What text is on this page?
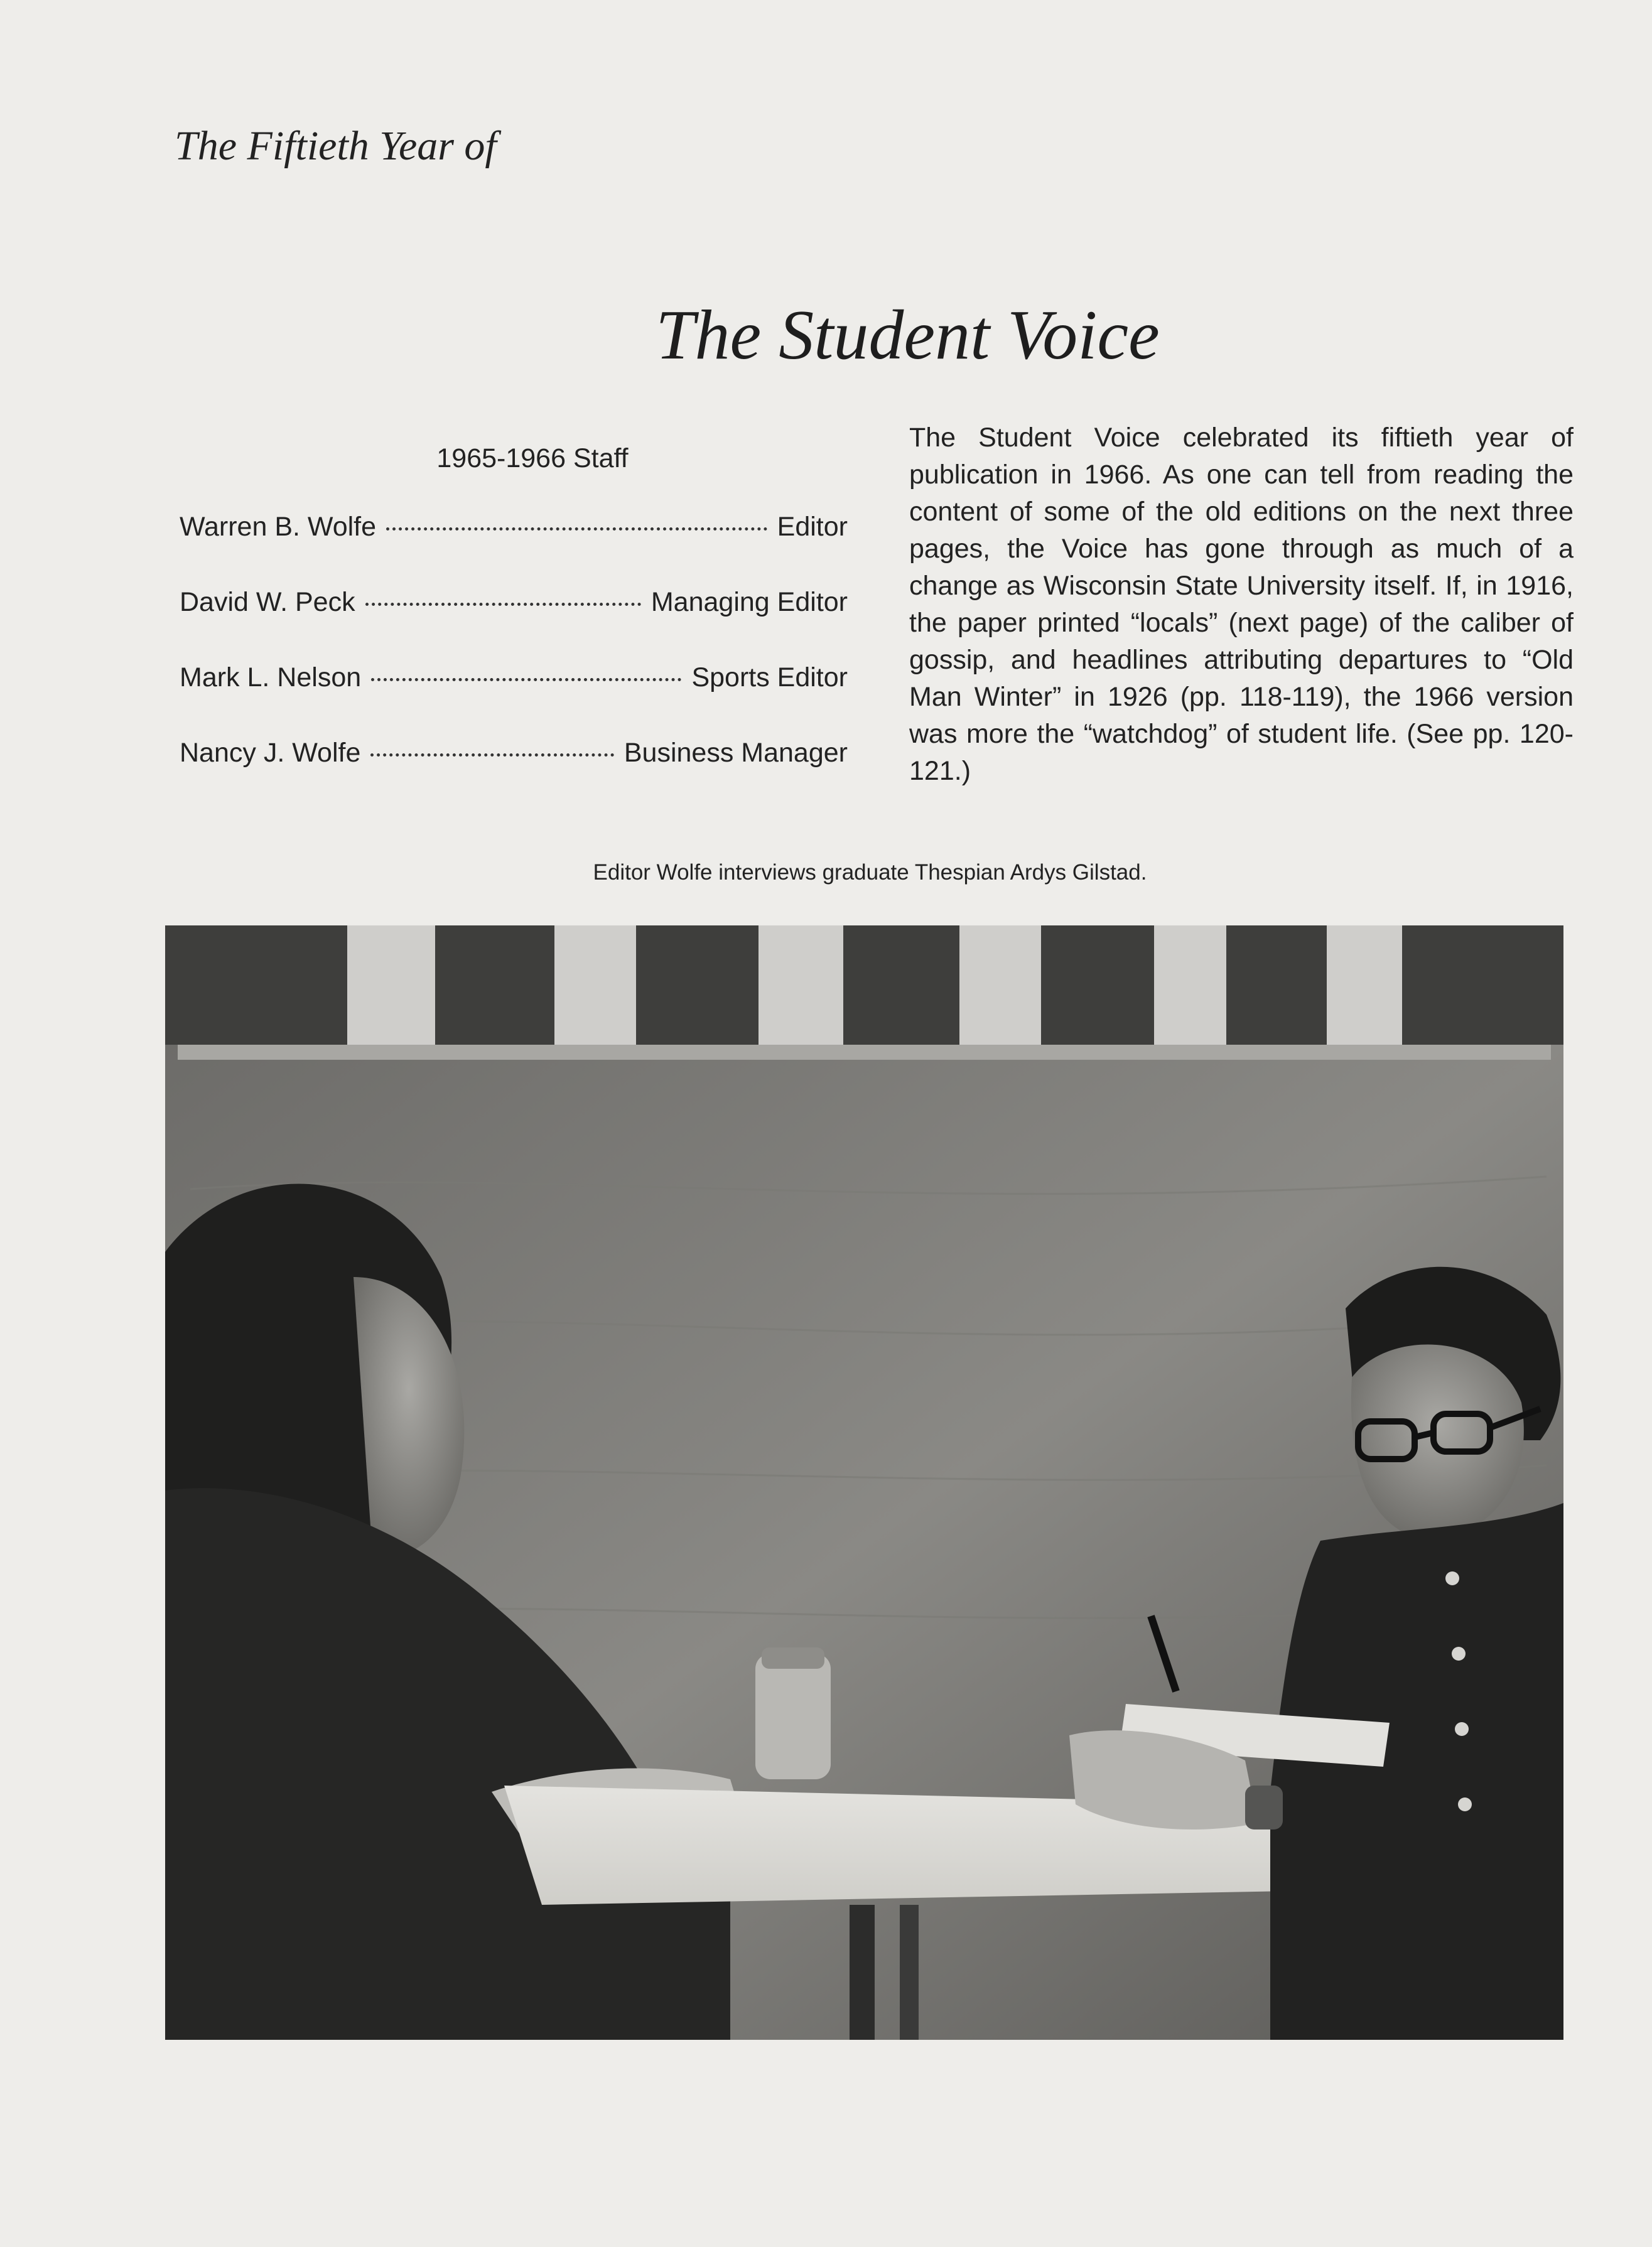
The Fiftieth Year of
The Student Voice
1965-1966 Staff
Warren B. Wolfe	Editor
David W. Peck	Managing Editor
Mark L. Nelson	Sports Editor
Nancy J. Wolfe	Business Manager
The Student Voice celebrated its fiftieth year of publication in 1966. As one can tell from reading the content of some of the old editions on the next three pages, the Voice has gone through as much of a change as Wisconsin State University itself. If, in 1916, the paper printed “locals” (next page) of the caliber of gossip, and headlines attributing departures to “Old Man Winter” in 1926 (pp. 118-119), the 1966 version was more the “watchdog” of student life. (See pp. 120-121.)
Editor Wolfe interviews graduate Thespian Ardys Gilstad.
